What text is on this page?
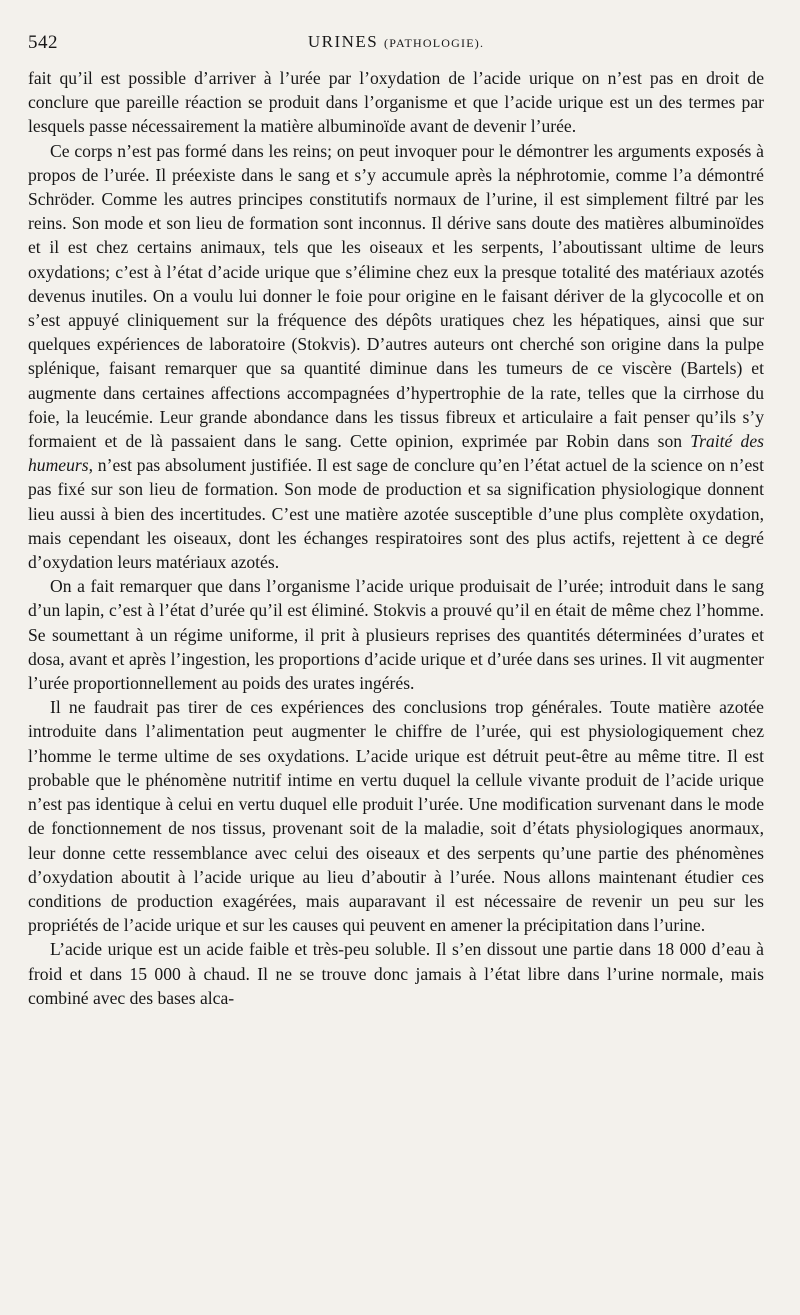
542	URINES (PATHOLOGIE).

fait qu’il est possible d’arriver à l’urée par l’oxydation de l’acide urique on n’est pas en droit de conclure que pareille réaction se produit dans l’organisme et que l’acide urique est un des termes par lesquels passe nécessairement la matière albuminoïde avant de devenir l’urée.

Ce corps n’est pas formé dans les reins; on peut invoquer pour le démontrer les arguments exposés à propos de l’urée. Il préexiste dans le sang et s’y accumule après la néphrotomie, comme l’a démontré Schröder. Comme les autres principes constitutifs normaux de l’urine, il est simplement filtré par les reins. Son mode et son lieu de formation sont inconnus. Il dérive sans doute des matières albuminoïdes et il est chez certains animaux, tels que les oiseaux et les serpents, l’aboutissant ultime de leurs oxydations; c’est à l’état d’acide urique que s’élimine chez eux la presque totalité des matériaux azotés devenus inutiles. On a voulu lui donner le foie pour origine en le faisant dériver de la glycocolle et on s’est appuyé cliniquement sur la fréquence des dépôts uratiques chez les hépatiques, ainsi que sur quelques expériences de laboratoire (Stokvis). D’autres auteurs ont cherché son origine dans la pulpe splénique, faisant remarquer que sa quantité diminue dans les tumeurs de ce viscère (Bartels) et augmente dans certaines affections accompagnées d’hypertrophie de la rate, telles que la cirrhose du foie, la leucémie. Leur grande abondance dans les tissus fibreux et articulaire a fait penser qu’ils s’y formaient et de là passaient dans le sang. Cette opinion, exprimée par Robin dans son Traité des humeurs, n’est pas absolument justifiée. Il est sage de conclure qu’en l’état actuel de la science on n’est pas fixé sur son lieu de formation. Son mode de production et sa signification physiologique donnent lieu aussi à bien des incertitudes. C’est une matière azotée susceptible d’une plus complète oxydation, mais cependant les oiseaux, dont les échanges respiratoires sont des plus actifs, rejettent à ce degré d’oxydation leurs matériaux azotés.

On a fait remarquer que dans l’organisme l’acide urique produisait de l’urée; introduit dans le sang d’un lapin, c’est à l’état d’urée qu’il est éliminé. Stokvis a prouvé qu’il en était de même chez l’homme. Se soumettant à un régime uniforme, il prit à plusieurs reprises des quantités déterminées d’urates et dosa, avant et après l’ingestion, les proportions d’acide urique et d’urée dans ses urines. Il vit augmenter l’urée proportionnellement au poids des urates ingérés.

Il ne faudrait pas tirer de ces expériences des conclusions trop générales. Toute matière azotée introduite dans l’alimentation peut augmenter le chiffre de l’urée, qui est physiologiquement chez l’homme le terme ultime de ses oxydations. L’acide urique est détruit peut-être au même titre. Il est probable que le phénomène nutritif intime en vertu duquel la cellule vivante produit de l’acide urique n’est pas identique à celui en vertu duquel elle produit l’urée. Une modification survenant dans le mode de fonctionnement de nos tissus, provenant soit de la maladie, soit d’états physiologiques anormaux, leur donne cette ressemblance avec celui des oiseaux et des serpents qu’une partie des phénomènes d’oxydation aboutit à l’acide urique au lieu d’aboutir à l’urée. Nous allons maintenant étudier ces conditions de production exagérées, mais auparavant il est nécessaire de revenir un peu sur les propriétés de l’acide urique et sur les causes qui peuvent en amener la précipitation dans l’urine.

L’acide urique est un acide faible et très-peu soluble. Il s’en dissout une partie dans 18 000 d’eau à froid et dans 15 000 à chaud. Il ne se trouve donc jamais à l’état libre dans l’urine normale, mais combiné avec des bases alca-
